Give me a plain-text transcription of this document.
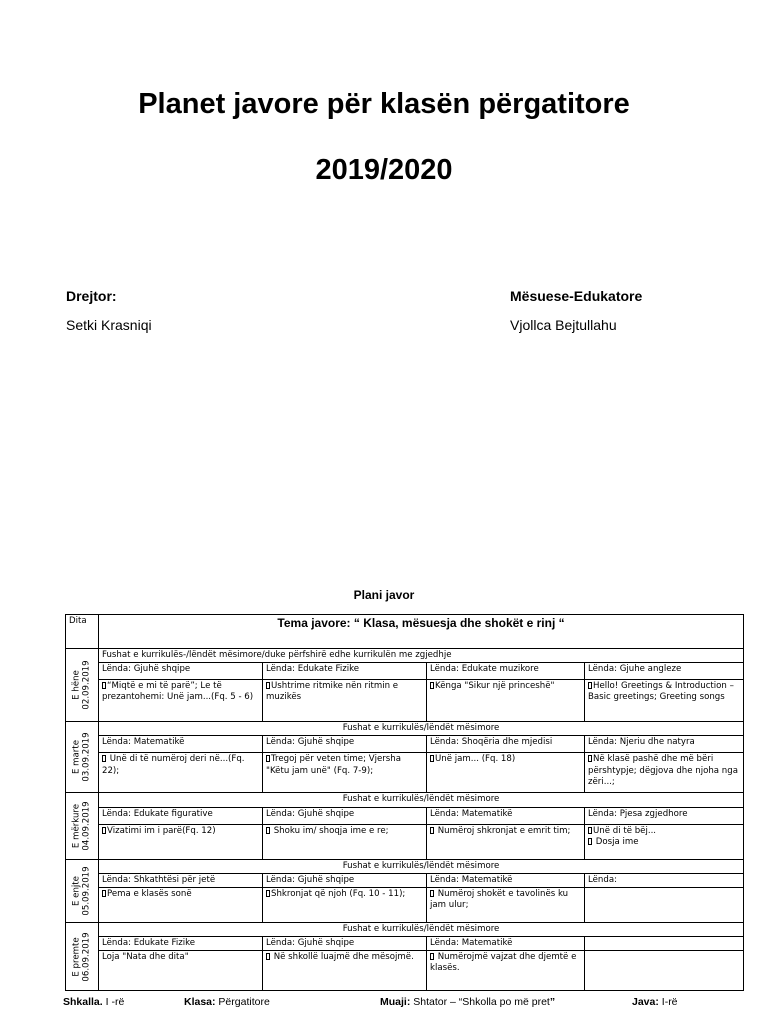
Planet javore për klasën përgatitore
2019/2020
Drejtor:
Setki Krasniqi
Mësuese-Edukatore
Vjollca Bejtullahu
Plani javor
Dita	Tema javore: “ Klasa, mësuesja dhe shokët e rinj “			

E hëne 02.09.2019	Fushat e kurrikulës-/lëndët mësimore/duke përfshirë edhe kurrikulën me zgjedhje			
	Lënda: Gjuhë shqipe	Lënda: Edukate Fizike	Lënda: Edukate muzikore	Lënda: Gjuhe angleze
	“Miqtë e mi të parë”; Le të prezantohemi: Unë jam...(Fq. 5 - 6)	Ushtrime ritmike nën ritmin e muzikës	Kënga "Sikur një princeshë"	Hello! Greetings & Introduction – Basic greetings; Greeting songs

E marte 03.09.2019	Fushat e kurrikulës/lëndët mësimore			
	Lënda: Matematikë	Lënda: Gjuhë shqipe	Lënda: Shoqëria dhe mjedisi	Lënda: Njeriu dhe natyra
	Unë di të numëroj deri në...(Fq. 22);	Tregoj për veten time; Vjersha "Këtu jam unë" (Fq. 7-9);	Unë jam... (Fq. 18)	Në klasë pashë dhe më bëri përshtypje; dëgjova dhe njoha nga zëri...;

E mërkure 04.09.2019	Fushat e kurrikulës/lëndët mësimore			
	Lënda: Edukate figurative	Lënda: Gjuhë shqipe	Lënda: Matematikë	Lënda: Pjesa zgjedhore
	Vizatimi im i parë(Fq. 12)	Shoku im/ shoqja ime e re;	Numëroj shkronjat e emrit tim;	Unë di të bëj...
Dosja ime

E enjte 05.09.2019	Fushat e kurrikulës/lëndët mësimore			
	Lënda: Shkathtësi për jetë	Lënda: Gjuhë shqipe	Lënda: Matematikë	Lënda:
	Pema e klasës sonë	Shkronjat që njoh (Fq. 10 - 11);	Numëroj shokët e tavolinës ku jam ulur;	

E premte 06.09.2019	Fushat e kurrikulës/lëndët mësimore			
	Lënda: Edukate Fizike	Lënda: Gjuhë shqipe	Lënda: Matematikë	
	Loja "Nata dhe dita"	Në shkollë luajmë dhe mësojmë.	Numërojmë vajzat dhe djemtë e klasës.	
Shkalla. I -rë	Klasa: Përgatitore	Muaji: Shtator – “Shkolla po më pret”	Java: I-rë
